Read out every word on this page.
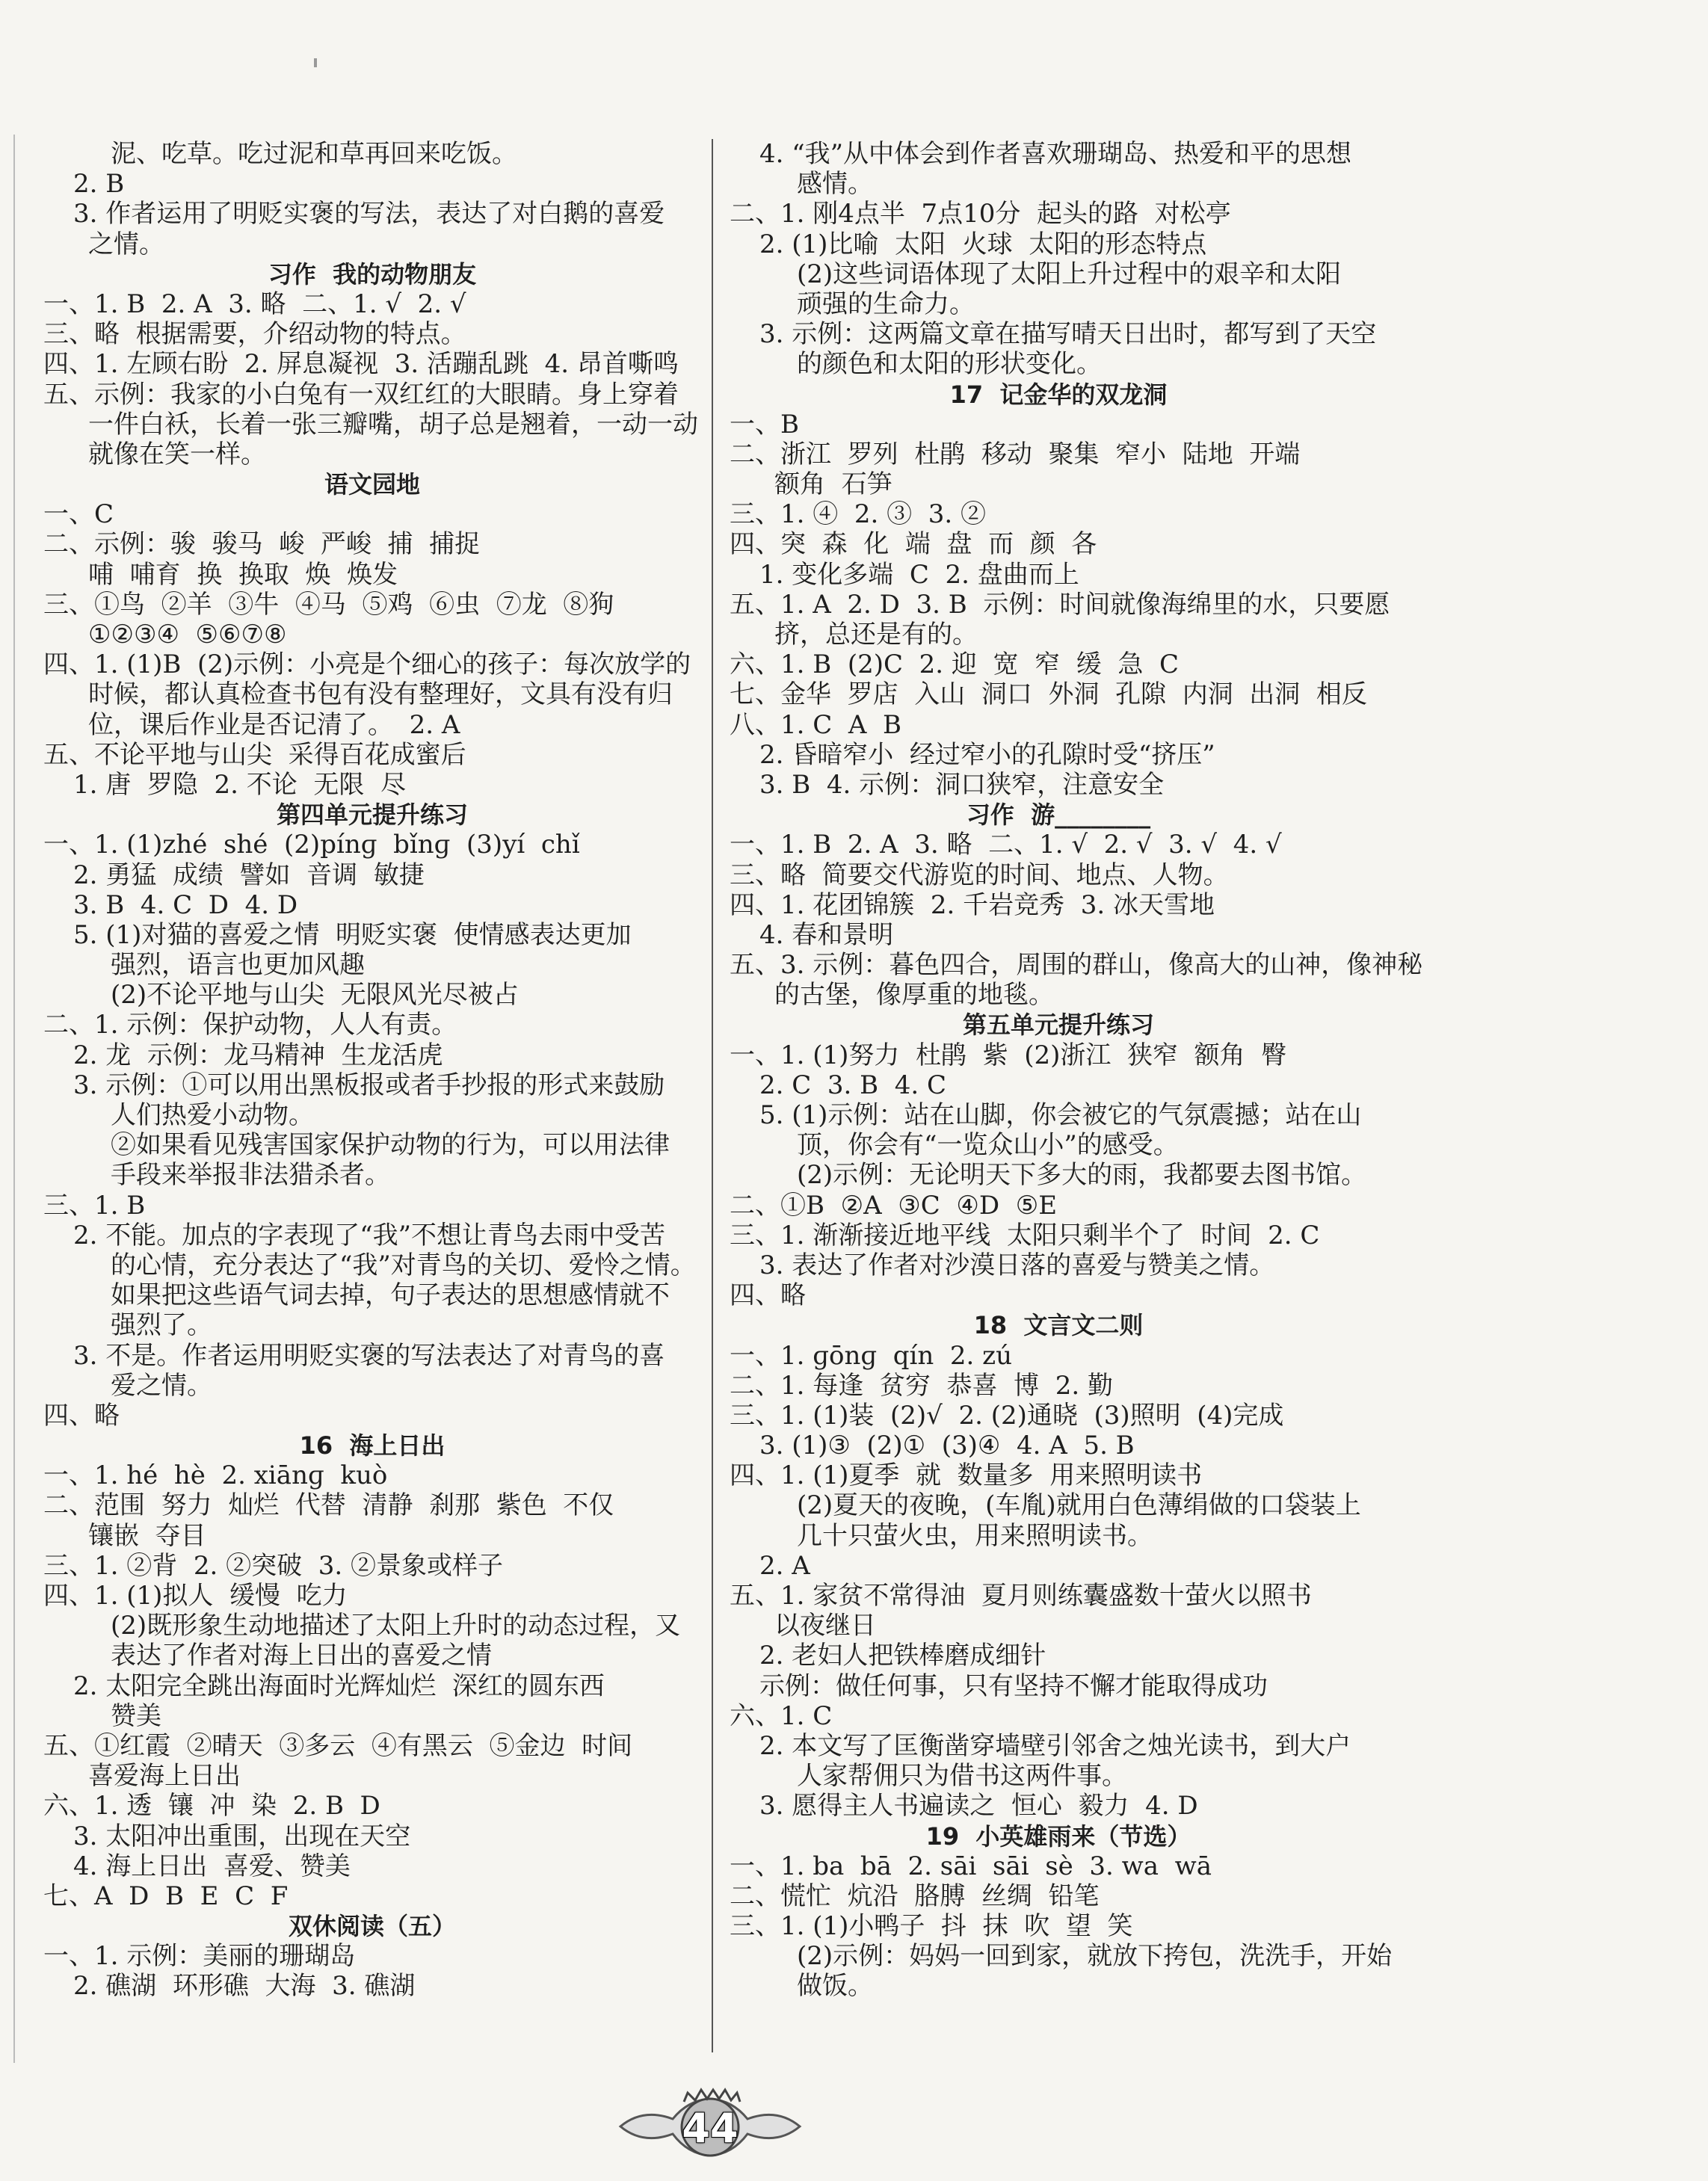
泥、吃草。吃过泥和草再回来吃饭。
2. B
3. 作者运用了明贬实褒的写法，表达了对白鹅的喜爱
之情。
习作  我的动物朋友
一、1. B  2. A  3. 略  二、1. √  2. √
三、略  根据需要，介绍动物的特点。
四、1. 左顾右盼  2. 屏息凝视  3. 活蹦乱跳  4. 昂首嘶鸣
五、示例：我家的小白兔有一双红红的大眼睛。身上穿着
一件白袄，长着一张三瓣嘴，胡子总是翘着，一动一动
就像在笑一样。
语文园地
一、C
二、示例：骏  骏马  峻  严峻  捕  捕捉
哺  哺育  换  换取  焕  焕发
三、①鸟  ②羊  ③牛  ④马  ⑤鸡  ⑥虫  ⑦龙  ⑧狗
①②③④  ⑤⑥⑦⑧
四、1. (1)B  (2)示例：小亮是个细心的孩子：每次放学的
时候，都认真检查书包有没有整理好，文具有没有归
位，课后作业是否记清了。  2. A
五、不论平地与山尖  采得百花成蜜后
1. 唐  罗隐  2. 不论  无限  尽
第四单元提升练习
一、1. (1)zhé  shé  (2)pínɡ  bǐnɡ  (3)yí  chǐ
2. 勇猛  成绩  譬如  音调  敏捷
3. B  4. C  D  4. D
5. (1)对猫的喜爱之情  明贬实褒  使情感表达更加
强烈，语言也更加风趣
(2)不论平地与山尖  无限风光尽被占
二、1. 示例：保护动物，人人有责。
2. 龙  示例：龙马精神  生龙活虎
3. 示例：①可以用出黑板报或者手抄报的形式来鼓励
人们热爱小动物。
②如果看见残害国家保护动物的行为，可以用法律
手段来举报非法猎杀者。
三、1. B
2. 不能。加点的字表现了“我”不想让青鸟去雨中受苦
的心情，充分表达了“我”对青鸟的关切、爱怜之情。
如果把这些语气词去掉，句子表达的思想感情就不
强烈了。
3. 不是。作者运用明贬实褒的写法表达了对青鸟的喜
爱之情。
四、略
16  海上日出
一、1. hé  hè  2. xiānɡ  kuò
二、范围  努力  灿烂  代替  清静  刹那  紫色  不仅
镶嵌  夺目
三、1. ②背  2. ②突破  3. ②景象或样子
四、1. (1)拟人  缓慢  吃力
(2)既形象生动地描述了太阳上升时的动态过程，又
表达了作者对海上日出的喜爱之情
2. 太阳完全跳出海面时光辉灿烂  深红的圆东西
赞美
五、①红霞  ②晴天  ③多云  ④有黑云  ⑤金边  时间
喜爱海上日出
六、1. 透  镶  冲  染  2. B  D
3. 太阳冲出重围，出现在天空
4. 海上日出  喜爱、赞美
七、A  D  B  E  C  F
双休阅读（五）
一、1. 示例：美丽的珊瑚岛
2. 礁湖  环形礁  大海  3. 礁湖
4. “我”从中体会到作者喜欢珊瑚岛、热爱和平的思想
感情。
二、1. 刚4点半  7点10分  起头的路  对松亭
2. (1)比喻  太阳  火球  太阳的形态特点
(2)这些词语体现了太阳上升过程中的艰辛和太阳
顽强的生命力。
3. 示例：这两篇文章在描写晴天日出时，都写到了天空
的颜色和太阳的形状变化。
17  记金华的双龙洞
一、B
二、浙江  罗列  杜鹃  移动  聚集  窄小  陆地  开端
额角  石笋
三、1. ④  2. ③  3. ②
四、突  森  化  端  盘  而  颜  各
1. 变化多端  C  2. 盘曲而上
五、1. A  2. D  3. B  示例：时间就像海绵里的水，只要愿
挤，总还是有的。
六、1. B  (2)C  2. 迎  宽  窄  缓  急  C
七、金华  罗店  入山  洞口  外洞  孔隙  内洞  出洞  相反
八、1. C  A  B
2. 昏暗窄小  经过窄小的孔隙时受“挤压”
3. B  4. 示例：洞口狭窄，注意安全
习作  游________
一、1. B  2. A  3. 略  二、1. √  2. √  3. √  4. √
三、略  简要交代游览的时间、地点、人物。
四、1. 花团锦簇  2. 千岩竞秀  3. 冰天雪地
4. 春和景明
五、3. 示例：暮色四合，周围的群山，像高大的山神，像神秘
的古堡，像厚重的地毯。
第五单元提升练习
一、1. (1)努力  杜鹃  紫  (2)浙江  狭窄  额角  臀
2. C  3. B  4. C
5. (1)示例：站在山脚，你会被它的气氛震撼；站在山
顶，你会有“一览众山小”的感受。
(2)示例：无论明天下多大的雨，我都要去图书馆。
二、①B  ②A  ③C  ④D  ⑤E
三、1. 渐渐接近地平线  太阳只剩半个了  时间  2. C
3. 表达了作者对沙漠日落的喜爱与赞美之情。
四、略
18  文言文二则
一、1. ɡōnɡ  qín  2. zú
二、1. 每逢  贫穷  恭喜  博  2. 勤
三、1. (1)装  (2)√  2. (2)通晓  (3)照明  (4)完成
3. (1)③  (2)①  (3)④  4. A  5. B
四、1. (1)夏季  就  数量多  用来照明读书
(2)夏天的夜晚，(车胤)就用白色薄绢做的口袋装上
几十只萤火虫，用来照明读书。
2. A
五、1. 家贫不常得油  夏月则练囊盛数十萤火以照书
以夜继日
2. 老妇人把铁棒磨成细针
示例：做任何事，只有坚持不懈才能取得成功
六、1. C
2. 本文写了匡衡凿穿墙壁引邻舍之烛光读书，到大户
人家帮佣只为借书这两件事。
3. 愿得主人书遍读之  恒心  毅力  4. D
19  小英雄雨来（节选）
一、1. ba  bā  2. sāi  sāi  sè  3. wa  wā
二、慌忙  炕沿  胳膊  丝绸  铅笔
三、1. (1)小鸭子  抖  抹  吹  望  笑
(2)示例：妈妈一回到家，就放下挎包，洗洗手，开始
做饭。
44
